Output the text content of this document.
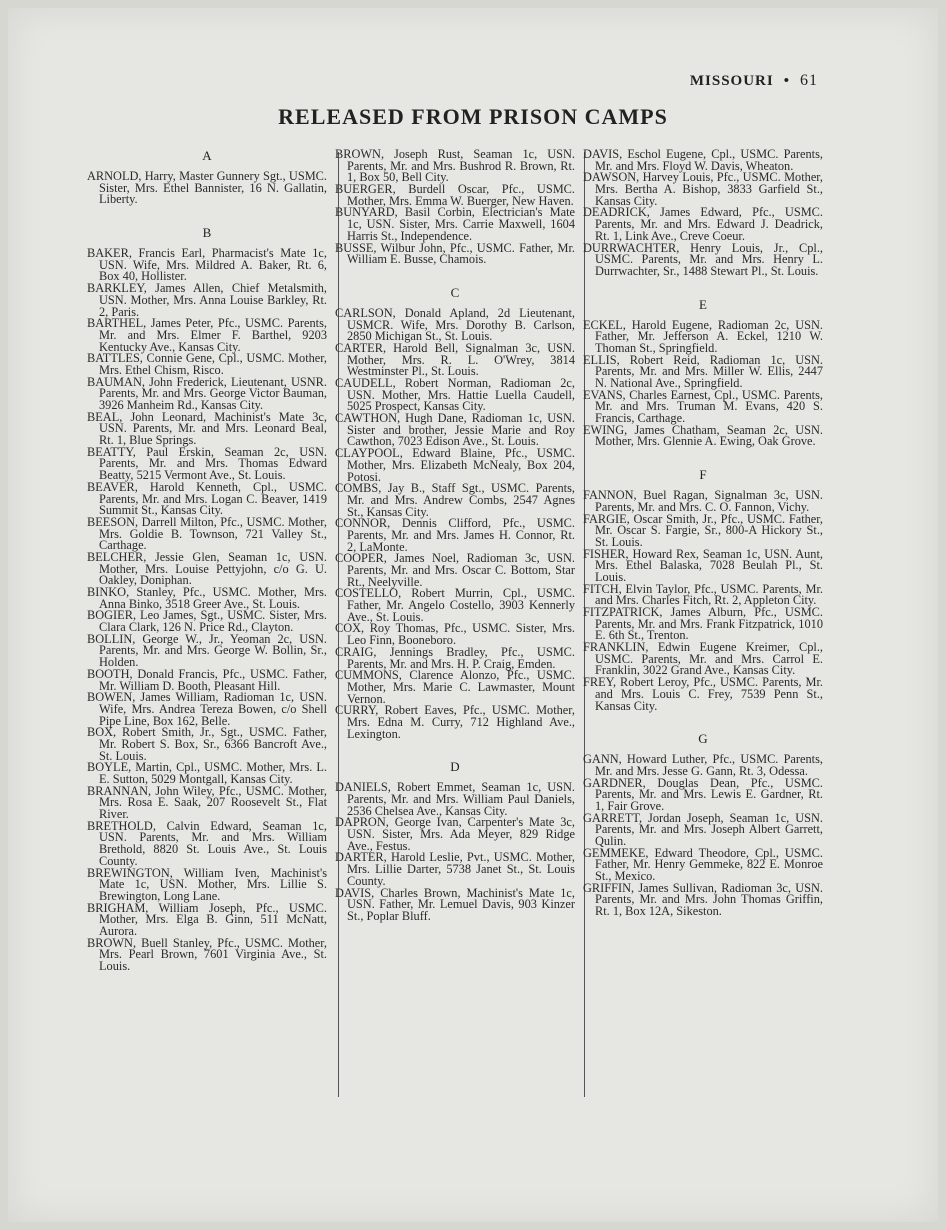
MISSOURI • 61
RELEASED FROM PRISON CAMPS
A

ARNOLD, Harry, Master Gunnery Sgt., USMC. Sister, Mrs. Ethel Bannister, 16 N. Gallatin, Liberty.

B

BAKER, Francis Earl, Pharmacist's Mate 1c, USN. Wife, Mrs. Mildred A. Baker, Rt. 6, Box 40, Hollister.

BARKLEY, James Allen, Chief Metalsmith, USN. Mother, Mrs. Anna Louise Barkley, Rt. 2, Paris.

BARTHEL, James Peter, Pfc., USMC. Parents, Mr. and Mrs. Elmer F. Barthel, 9203 Kentucky Ave., Kansas City.

BATTLES, Connie Gene, Cpl., USMC. Mother, Mrs. Ethel Chism, Risco.

BAUMAN, John Frederick, Lieutenant, USNR. Parents, Mr. and Mrs. George Victor Bauman, 3926 Manheim Rd., Kansas City.

BEAL, John Leonard, Machinist's Mate 3c, USN. Parents, Mr. and Mrs. Leonard Beal, Rt. 1, Blue Springs.

BEATTY, Paul Erskin, Seaman 2c, USN. Parents, Mr. and Mrs. Thomas Edward Beatty, 5215 Vermont Ave., St. Louis.

BEAVER, Harold Kenneth, Cpl., USMC. Parents, Mr. and Mrs. Logan C. Beaver, 1419 Summit St., Kansas City.

BEESON, Darrell Milton, Pfc., USMC. Mother, Mrs. Goldie B. Townson, 721 Valley St., Carthage.

BELCHER, Jessie Glen, Seaman 1c, USN. Mother, Mrs. Louise Pettyjohn, c/o G. U. Oakley, Doniphan.

BINKO, Stanley, Pfc., USMC. Mother, Mrs. Anna Binko, 3518 Greer Ave., St. Louis.

BOGIER, Leo James, Sgt., USMC. Sister, Mrs. Clara Clark, 126 N. Price Rd., Clayton.

BOLLIN, George W., Jr., Yeoman 2c, USN. Parents, Mr. and Mrs. George W. Bollin, Sr., Holden.

BOOTH, Donald Francis, Pfc., USMC. Father, Mr. William D. Booth, Pleasant Hill.

BOWEN, James William, Radioman 1c, USN. Wife, Mrs. Andrea Tereza Bowen, c/o Shell Pipe Line, Box 162, Belle.

BOX, Robert Smith, Jr., Sgt., USMC. Father, Mr. Robert S. Box, Sr., 6366 Bancroft Ave., St. Louis.

BOYLE, Martin, Cpl., USMC. Mother, Mrs. L. E. Sutton, 5029 Montgall, Kansas City.

BRANNAN, John Wiley, Pfc., USMC. Mother, Mrs. Rosa E. Saak, 207 Roosevelt St., Flat River.

BRETHOLD, Calvin Edward, Seaman 1c, USN. Parents, Mr. and Mrs. William Brethold, 8820 St. Louis Ave., St. Louis County.

BREWINGTON, William Iven, Machinist's Mate 1c, USN. Mother, Mrs. Lillie S. Brewington, Long Lane.

BRIGHAM, William Joseph, Pfc., USMC. Mother, Mrs. Elga B. Ginn, 511 McNatt, Aurora.

BROWN, Buell Stanley, Pfc., USMC. Mother, Mrs. Pearl Brown, 7601 Virginia Ave., St. Louis.

BROWN, Joseph Rust, Seaman 1c, USN. Parents, Mr. and Mrs. Bushrod R. Brown, Rt. 1, Box 50, Bell City.

BUERGER, Burdell Oscar, Pfc., USMC. Mother, Mrs. Emma W. Buerger, New Haven.

BUNYARD, Basil Corbin, Electrician's Mate 1c, USN. Sister, Mrs. Carrie Maxwell, 1604 Harris St., Independence.

BUSSE, Wilbur John, Pfc., USMC. Father, Mr. William E. Busse, Chamois.

C

CARLSON, Donald Apland, 2d Lieutenant, USMCR. Wife, Mrs. Dorothy B. Carlson, 2850 Michigan St., St. Louis.

CARTER, Harold Bell, Signalman 3c, USN. Mother, Mrs. R. L. O'Wrey, 3814 Westminster Pl., St. Louis.

CAUDELL, Robert Norman, Radioman 2c, USN. Mother, Mrs. Hattie Luella Caudell, 5025 Prospect, Kansas City.

CAWTHON, Hugh Dane, Radioman 1c, USN. Sister and brother, Jessie Marie and Roy Cawthon, 7023 Edison Ave., St. Louis.

CLAYPOOL, Edward Blaine, Pfc., USMC. Mother, Mrs. Elizabeth McNealy, Box 204, Potosi.

COMBS, Jay B., Staff Sgt., USMC. Parents, Mr. and Mrs. Andrew Combs, 2547 Agnes St., Kansas City.

CONNOR, Dennis Clifford, Pfc., USMC. Parents, Mr. and Mrs. James H. Connor, Rt. 2, LaMonte.

COOPER, James Noel, Radioman 3c, USN. Parents, Mr. and Mrs. Oscar C. Bottom, Star Rt., Neelyville.

COSTELLO, Robert Murrin, Cpl., USMC. Father, Mr. Angelo Costello, 3903 Kennerly Ave., St. Louis.

COX, Roy Thomas, Pfc., USMC. Sister, Mrs. Leo Finn, Booneboro.

CRAIG, Jennings Bradley, Pfc., USMC. Parents, Mr. and Mrs. H. P. Craig, Emden.

CUMMONS, Clarence Alonzo, Pfc., USMC. Mother, Mrs. Marie C. Lawmaster, Mount Vernon.

CURRY, Robert Eaves, Pfc., USMC. Mother, Mrs. Edna M. Curry, 712 Highland Ave., Lexington.

D

DANIELS, Robert Emmet, Seaman 1c, USN. Parents, Mr. and Mrs. William Paul Daniels, 2536 Chelsea Ave., Kansas City.

DAPRON, George Ivan, Carpenter's Mate 3c, USN. Sister, Mrs. Ada Meyer, 829 Ridge Ave., Festus.

DARTER, Harold Leslie, Pvt., USMC. Mother, Mrs. Lillie Darter, 5738 Janet St., St. Louis County.

DAVIS, Charles Brown, Machinist's Mate 1c, USN. Father, Mr. Lemuel Davis, 903 Kinzer St., Poplar Bluff.

DAVIS, Eschol Eugene, Cpl., USMC. Parents, Mr. and Mrs. Floyd W. Davis, Wheaton.

DAWSON, Harvey Louis, Pfc., USMC. Mother, Mrs. Bertha A. Bishop, 3833 Garfield St., Kansas City.

DEADRICK, James Edward, Pfc., USMC. Parents, Mr. and Mrs. Edward J. Deadrick, Rt. 1, Link Ave., Creve Coeur.

DURRWACHTER, Henry Louis, Jr., Cpl., USMC. Parents, Mr. and Mrs. Henry L. Durrwachter, Sr., 1488 Stewart Pl., St. Louis.

E

ECKEL, Harold Eugene, Radioman 2c, USN. Father, Mr. Jefferson A. Eckel, 1210 W. Thoman St., Springfield.

ELLIS, Robert Reid, Radioman 1c, USN. Parents, Mr. and Mrs. Miller W. Ellis, 2447 N. National Ave., Springfield.

EVANS, Charles Earnest, Cpl., USMC. Parents, Mr. and Mrs. Truman M. Evans, 420 S. Francis, Carthage.

EWING, James Chatham, Seaman 2c, USN. Mother, Mrs. Glennie A. Ewing, Oak Grove.

F

FANNON, Buel Ragan, Signalman 3c, USN. Parents, Mr. and Mrs. C. O. Fannon, Vichy.

FARGIE, Oscar Smith, Jr., Pfc., USMC. Father, Mr. Oscar S. Fargie, Sr., 800-A Hickory St., St. Louis.

FISHER, Howard Rex, Seaman 1c, USN. Aunt, Mrs. Ethel Balaska, 7028 Beulah Pl., St. Louis.

FITCH, Elvin Taylor, Pfc., USMC. Parents, Mr. and Mrs. Charles Fitch, Rt. 2, Appleton City.

FITZPATRICK, James Alburn, Pfc., USMC. Parents, Mr. and Mrs. Frank Fitzpatrick, 1010 E. 6th St., Trenton.

FRANKLIN, Edwin Eugene Kreimer, Cpl., USMC. Parents, Mr. and Mrs. Carrol E. Franklin, 3022 Grand Ave., Kansas City.

FREY, Robert Leroy, Pfc., USMC. Parents, Mr. and Mrs. Louis C. Frey, 7539 Penn St., Kansas City.

G

GANN, Howard Luther, Pfc., USMC. Parents, Mr. and Mrs. Jesse G. Gann, Rt. 3, Odessa.

GARDNER, Douglas Dean, Pfc., USMC. Parents, Mr. and Mrs. Lewis E. Gardner, Rt. 1, Fair Grove.

GARRETT, Jordan Joseph, Seaman 1c, USN. Parents, Mr. and Mrs. Joseph Albert Garrett, Qulin.

GEMMEKE, Edward Theodore, Cpl., USMC. Father, Mr. Henry Gemmeke, 822 E. Monroe St., Mexico.

GRIFFIN, James Sullivan, Radioman 3c, USN. Parents, Mr. and Mrs. John Thomas Griffin, Rt. 1, Box 12A, Sikeston.
